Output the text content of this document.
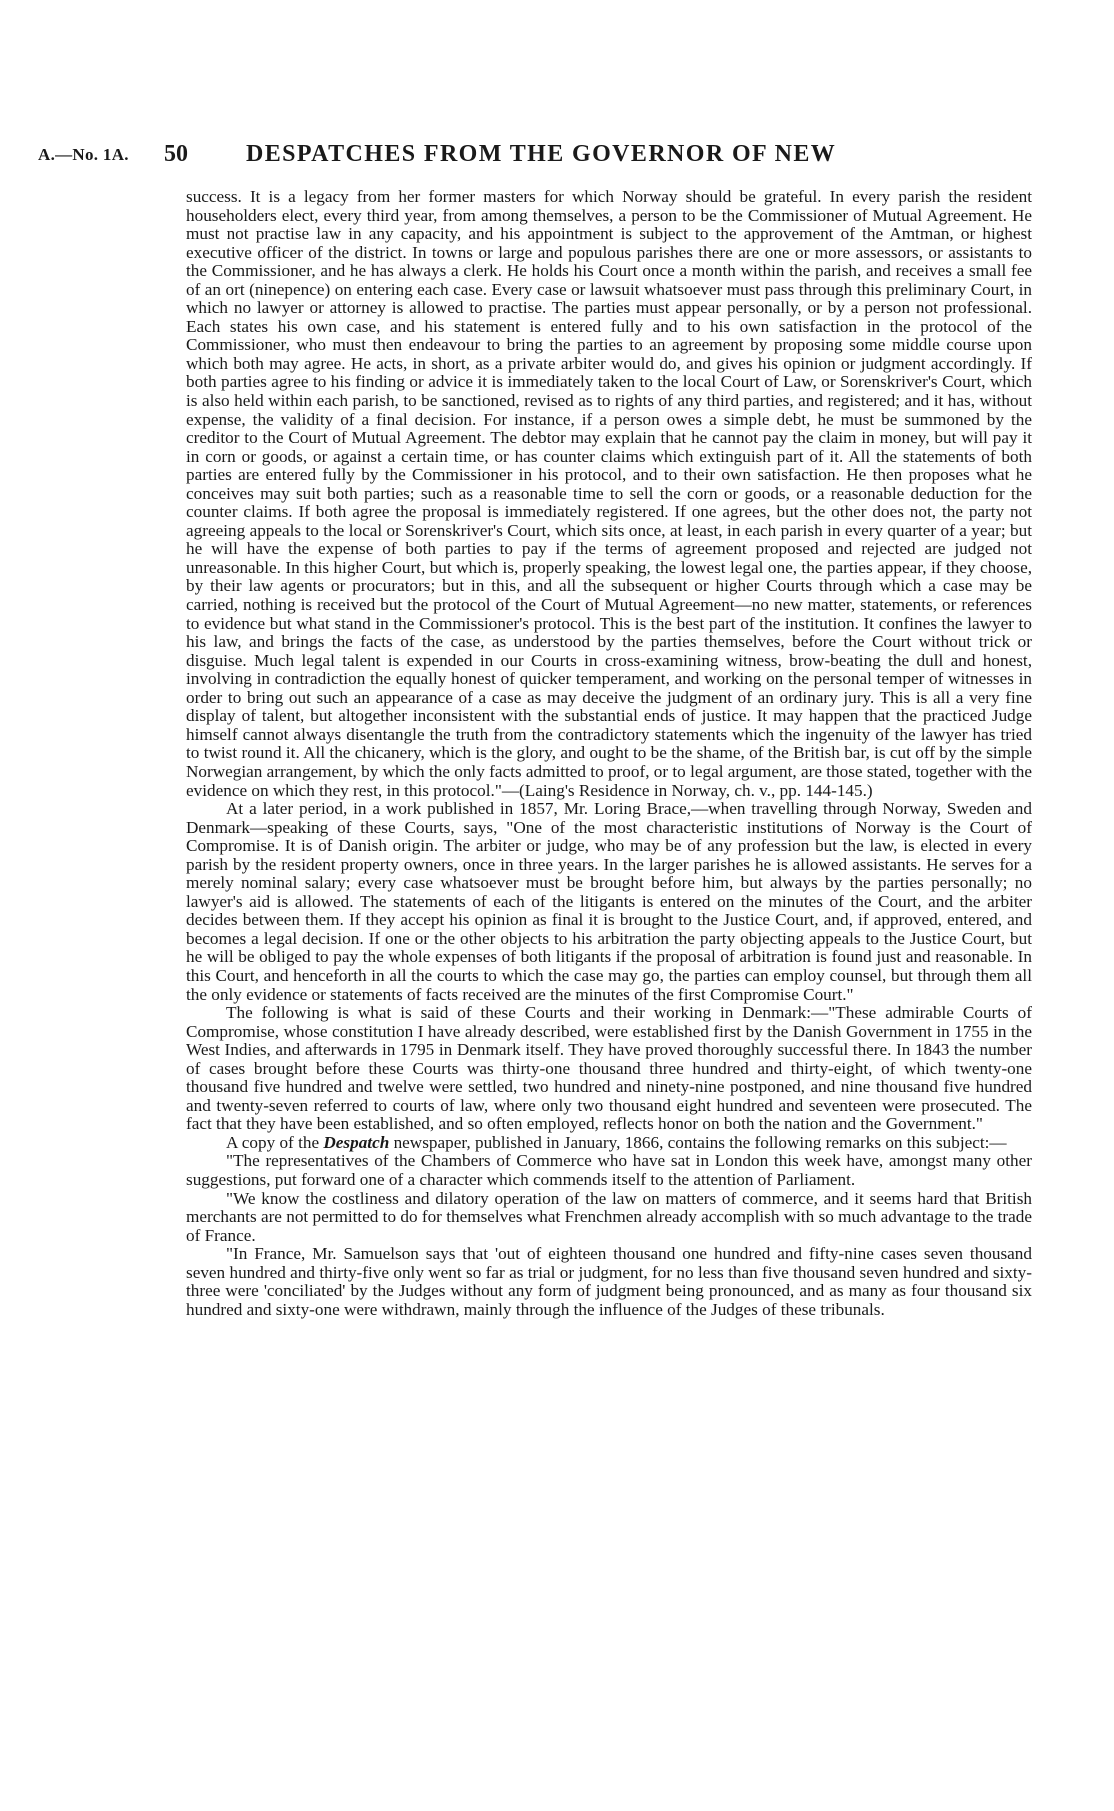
A.—No. 1A. 50 DESPATCHES FROM THE GOVERNOR OF NEW

success. It is a legacy from her former masters for which Norway should be grateful. In every parish the resident householders elect, every third year, from among themselves, a person to be the Commissioner of Mutual Agreement. He must not practise law in any capacity, and his appointment is subject to the approvement of the Amtman, or highest executive officer of the district. In towns or large and populous parishes there are one or more assessors, or assistants to the Commissioner, and he has always a clerk. He holds his Court once a month within the parish, and receives a small fee of an ort (ninepence) on entering each case. Every case or lawsuit whatsoever must pass through this preliminary Court, in which no lawyer or attorney is allowed to practise. The parties must appear personally, or by a person not professional. Each states his own case, and his statement is entered fully and to his own satisfaction in the protocol of the Commissioner, who must then endeavour to bring the parties to an agreement by proposing some middle course upon which both may agree. He acts, in short, as a private arbiter would do, and gives his opinion or judgment accordingly. If both parties agree to his finding or advice it is immediately taken to the local Court of Law, or Sorenskriver's Court, which is also held within each parish, to be sanctioned, revised as to rights of any third parties, and registered; and it has, without expense, the validity of a final decision. For instance, if a person owes a simple debt, he must be summoned by the creditor to the Court of Mutual Agreement. The debtor may explain that he cannot pay the claim in money, but will pay it in corn or goods, or against a certain time, or has counter claims which extinguish part of it. All the statements of both parties are entered fully by the Commissioner in his protocol, and to their own satisfaction. He then proposes what he conceives may suit both parties; such as a reasonable time to sell the corn or goods, or a reasonable deduction for the counter claims. If both agree the proposal is immediately registered. If one agrees, but the other does not, the party not agreeing appeals to the local or Sorenskriver's Court, which sits once, at least, in each parish in every quarter of a year; but he will have the expense of both parties to pay if the terms of agreement proposed and rejected are judged not unreasonable. In this higher Court, but which is, properly speaking, the lowest legal one, the parties appear, if they choose, by their law agents or procurators; but in this, and all the subsequent or higher Courts through which a case may be carried, nothing is received but the protocol of the Court of Mutual Agreement—no new matter, statements, or references to evidence but what stand in the Commissioner's protocol. This is the best part of the institution. It confines the lawyer to his law, and brings the facts of the case, as understood by the parties themselves, before the Court without trick or disguise. Much legal talent is expended in our Courts in cross-examining witness, brow-beating the dull and honest, involving in contradiction the equally honest of quicker temperament, and working on the personal temper of witnesses in order to bring out such an appearance of a case as may deceive the judgment of an ordinary jury. This is all a very fine display of talent, but altogether inconsistent with the substantial ends of justice. It may happen that the practiced Judge himself cannot always disentangle the truth from the contradictory statements which the ingenuity of the lawyer has tried to twist round it. All the chicanery, which is the glory, and ought to be the shame, of the British bar, is cut off by the simple Norwegian arrangement, by which the only facts admitted to proof, or to legal argument, are those stated, together with the evidence on which they rest, in this protocol."—(Laing's Residence in Norway, ch. v., pp. 144-145.)

At a later period, in a work published in 1857, Mr. Loring Brace,—when travelling through Norway, Sweden and Denmark—speaking of these Courts, says, "One of the most characteristic institutions of Norway is the Court of Compromise. It is of Danish origin. The arbiter or judge, who may be of any profession but the law, is elected in every parish by the resident property owners, once in three years. In the larger parishes he is allowed assistants. He serves for a merely nominal salary; every case whatsoever must be brought before him, but always by the parties personally; no lawyer's aid is allowed. The statements of each of the litigants is entered on the minutes of the Court, and the arbiter decides between them. If they accept his opinion as final it is brought to the Justice Court, and, if approved, entered, and becomes a legal decision. If one or the other objects to his arbitration the party objecting appeals to the Justice Court, but he will be obliged to pay the whole expenses of both litigants if the proposal of arbitration is found just and reasonable. In this Court, and henceforth in all the courts to which the case may go, the parties can employ counsel, but through them all the only evidence or statements of facts received are the minutes of the first Compromise Court."

The following is what is said of these Courts and their working in Denmark:—"These admirable Courts of Compromise, whose constitution I have already described, were established first by the Danish Government in 1755 in the West Indies, and afterwards in 1795 in Denmark itself. They have proved thoroughly successful there. In 1843 the number of cases brought before these Courts was thirty-one thousand three hundred and thirty-eight, of which twenty-one thousand five hundred and twelve were settled, two hundred and ninety-nine postponed, and nine thousand five hundred and twenty-seven referred to courts of law, where only two thousand eight hundred and seventeen were prosecuted. The fact that they have been established, and so often employed, reflects honor on both the nation and the Government."

A copy of the Despatch newspaper, published in January, 1866, contains the following remarks on this subject:—

"The representatives of the Chambers of Commerce who have sat in London this week have, amongst many other suggestions, put forward one of a character which commends itself to the attention of Parliament.

"We know the costliness and dilatory operation of the law on matters of commerce, and it seems hard that British merchants are not permitted to do for themselves what Frenchmen already accomplish with so much advantage to the trade of France.

"In France, Mr. Samuelson says that 'out of eighteen thousand one hundred and fifty-nine cases seven thousand seven hundred and thirty-five only went so far as trial or judgment, for no less than five thousand seven hundred and sixty-three were 'conciliated' by the Judges without any form of judgment being pronounced, and as many as four thousand six hundred and sixty-one were withdrawn, mainly through the influence of the Judges of these tribunals.
